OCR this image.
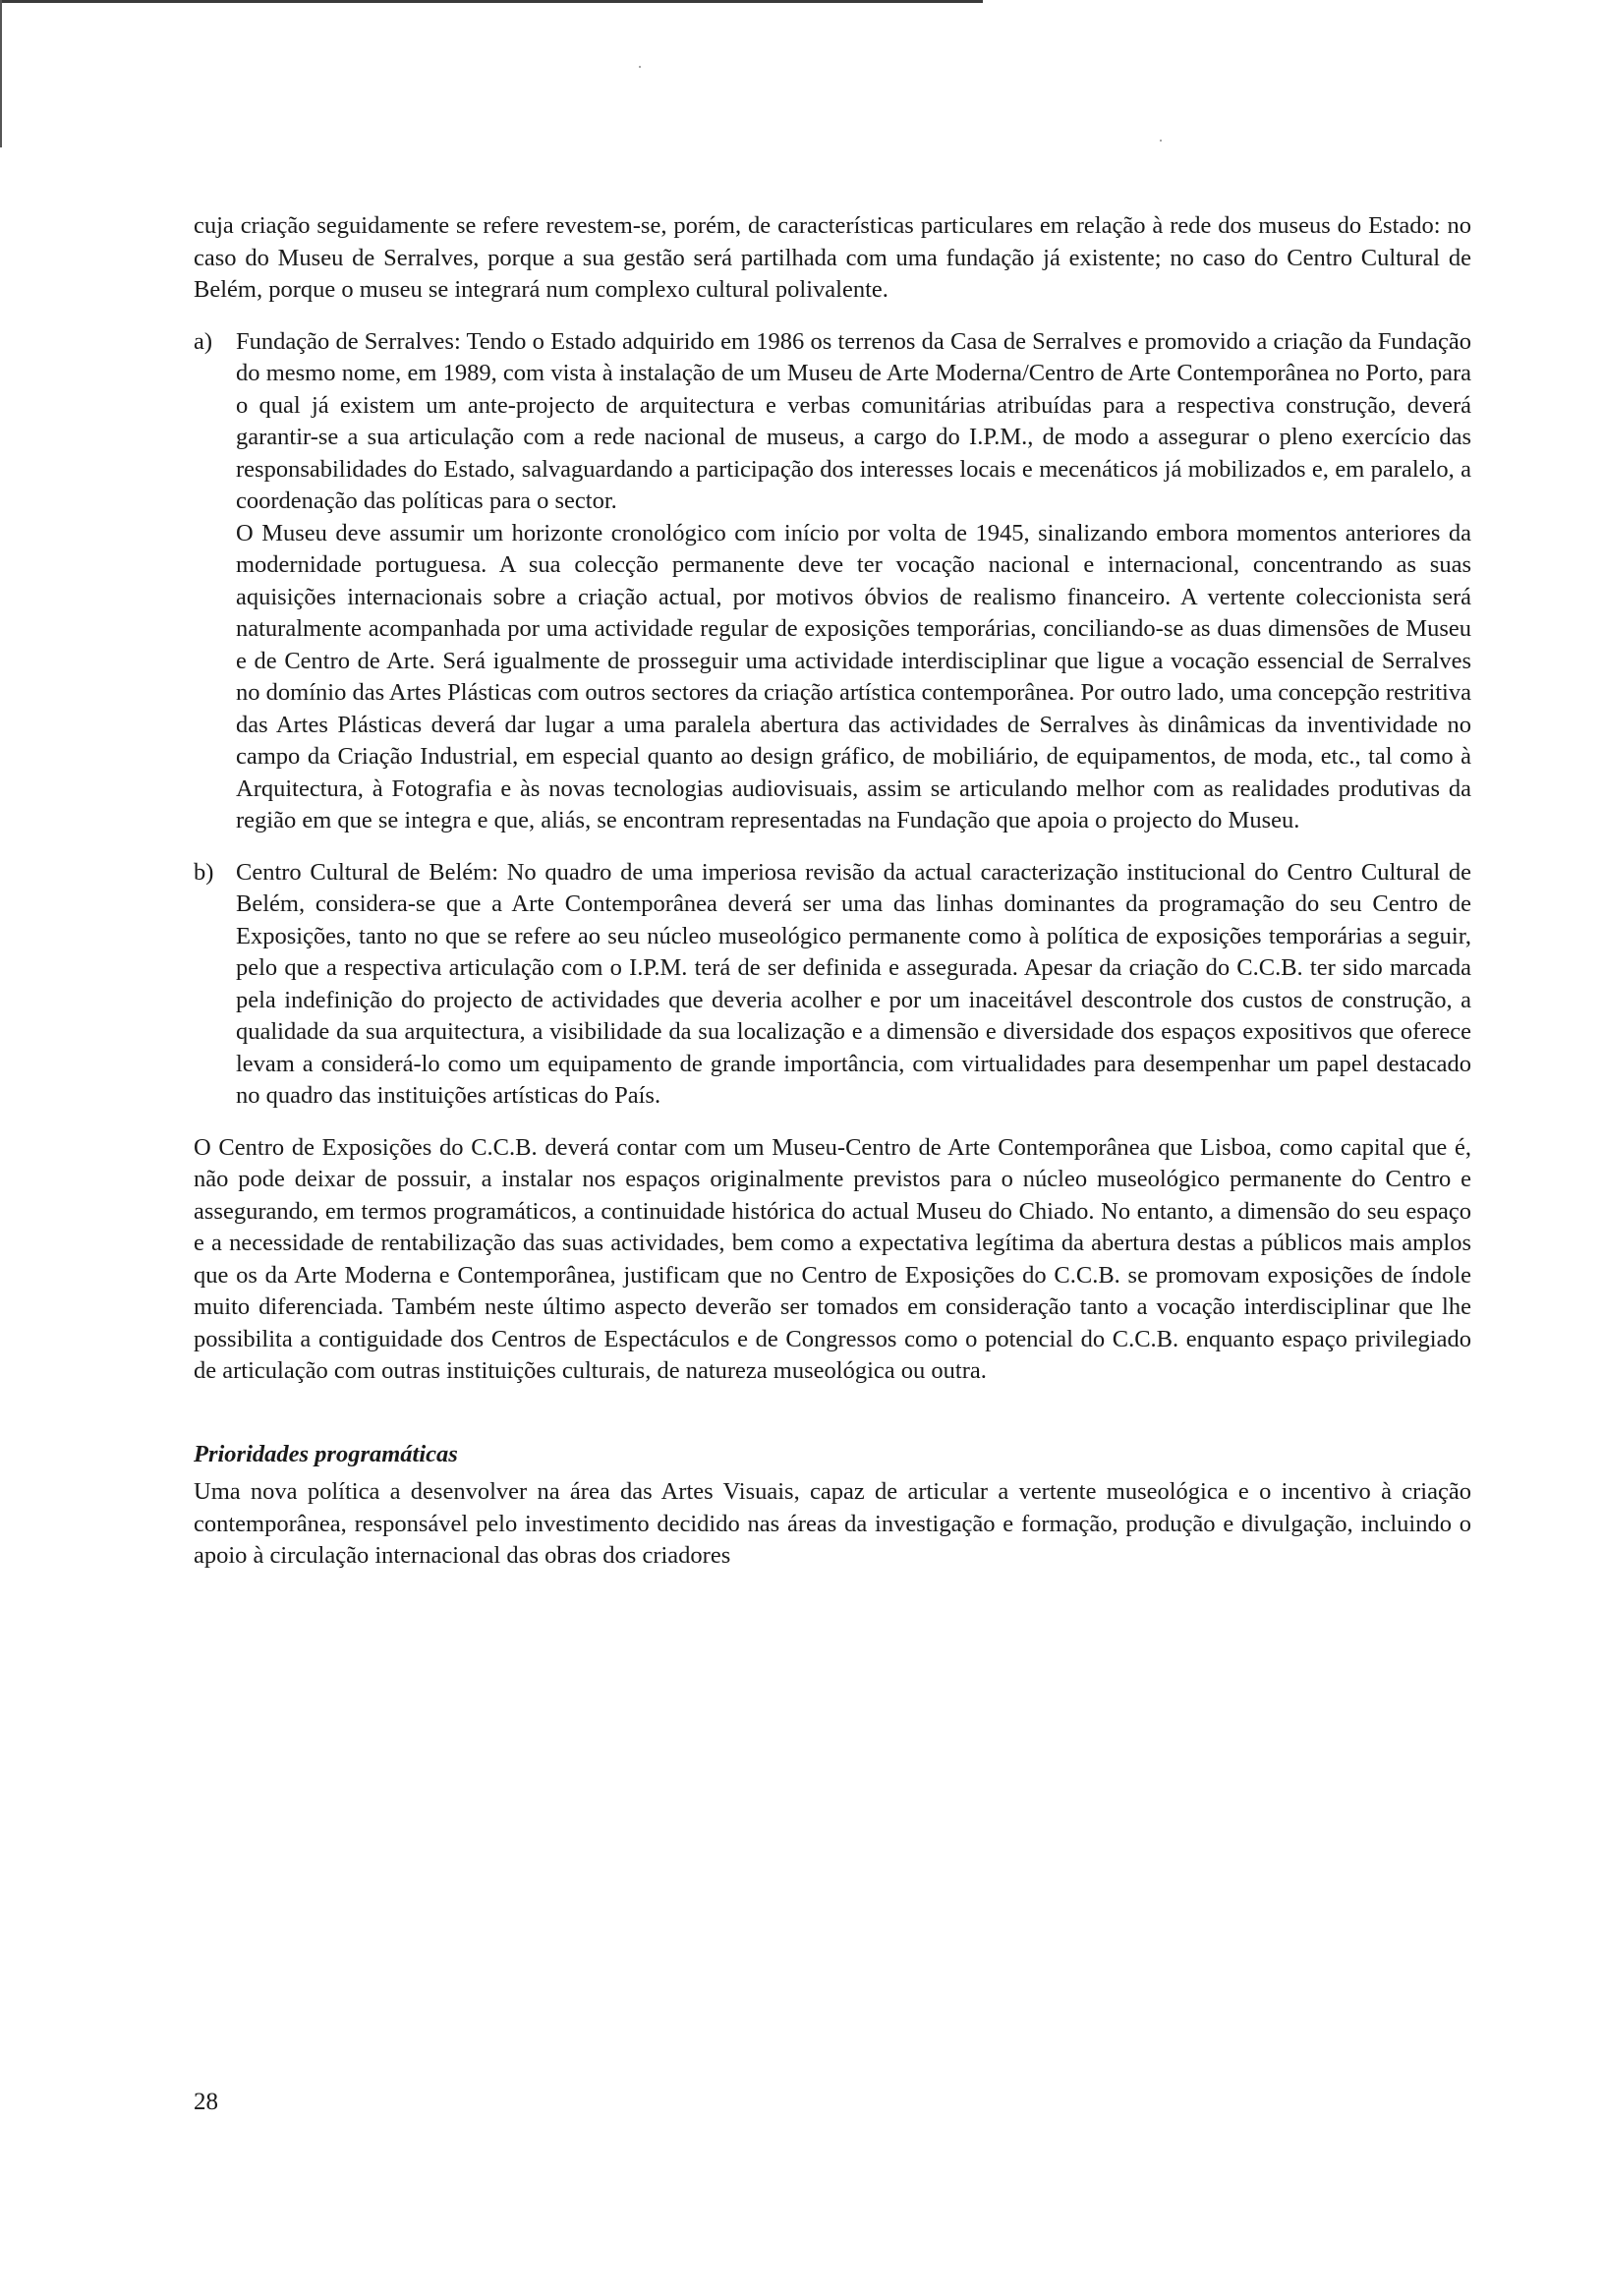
cuja criação seguidamente se refere revestem-se, porém, de características particulares em relação à rede dos museus do Estado: no caso do Museu de Serralves, porque a sua gestão será partilhada com uma fundação já existente; no caso do Centro Cultural de Belém, porque o museu se integrará num complexo cultural polivalente.

a) Fundação de Serralves: Tendo o Estado adquirido em 1986 os terrenos da Casa de Serralves e promovido a criação da Fundação do mesmo nome, em 1989, com vista à instalação de um Museu de Arte Moderna/Centro de Arte Contemporânea no Porto, para o qual já existem um ante-projecto de arquitectura e verbas comunitárias atribuídas para a respectiva construção, deverá garantir-se a sua articulação com a rede nacional de museus, a cargo do I.P.M., de modo a assegurar o pleno exercício das responsabilidades do Estado, salvaguardando a participação dos interesses locais e mecenáticos já mobilizados e, em paralelo, a coordenação das políticas para o sector.

O Museu deve assumir um horizonte cronológico com início por volta de 1945, sinalizando embora momentos anteriores da modernidade portuguesa. A sua colecção permanente deve ter vocação nacional e internacional, concentrando as suas aquisições internacionais sobre a criação actual, por motivos óbvios de realismo financeiro. A vertente coleccionista será naturalmente acompanhada por uma actividade regular de exposições temporárias, conciliando-se as duas dimensões de Museu e de Centro de Arte. Será igualmente de prosseguir uma actividade interdisciplinar que ligue a vocação essencial de Serralves no domínio das Artes Plásticas com outros sectores da criação artística contemporânea. Por outro lado, uma concepção restritiva das Artes Plásticas deverá dar lugar a uma paralela abertura das actividades de Serralves às dinâmicas da inventividade no campo da Criação Industrial, em especial quanto ao design gráfico, de mobiliário, de equipamentos, de moda, etc., tal como à Arquitectura, à Fotografia e às novas tecnologias audiovisuais, assim se articulando melhor com as realidades produtivas da região em que se integra e que, aliás, se encontram representadas na Fundação que apoia o projecto do Museu.

b) Centro Cultural de Belém: No quadro de uma imperiosa revisão da actual caracterização institucional do Centro Cultural de Belém, considera-se que a Arte Contemporânea deverá ser uma das linhas dominantes da programação do seu Centro de Exposições, tanto no que se refere ao seu núcleo museológico permanente como à política de exposições temporárias a seguir, pelo que a respectiva articulação com o I.P.M. terá de ser definida e assegurada. Apesar da criação do C.C.B. ter sido marcada pela indefinição do projecto de actividades que deveria acolher e por um inaceitável descontrole dos custos de construção, a qualidade da sua arquitectura, a visibilidade da sua localização e a dimensão e diversidade dos espaços expositivos que oferece levam a considerá-lo como um equipamento de grande importância, com virtualidades para desempenhar um papel destacado no quadro das instituições artísticas do País.

O Centro de Exposições do C.C.B. deverá contar com um Museu-Centro de Arte Contemporânea que Lisboa, como capital que é, não pode deixar de possuir, a instalar nos espaços originalmente previstos para o núcleo museológico permanente do Centro e assegurando, em termos programáticos, a continuidade histórica do actual Museu do Chiado. No entanto, a dimensão do seu espaço e a necessidade de rentabilização das suas actividades, bem como a expectativa legítima da abertura destas a públicos mais amplos que os da Arte Moderna e Contemporânea, justificam que no Centro de Exposições do C.C.B. se promovam exposições de índole muito diferenciada. Também neste último aspecto deverão ser tomados em consideração tanto a vocação interdisciplinar que lhe possibilita a contiguidade dos Centros de Espectáculos e de Congressos como o potencial do C.C.B. enquanto espaço privilegiado de articulação com outras instituições culturais, de natureza museológica ou outra.

Prioridades programáticas

Uma nova política a desenvolver na área das Artes Visuais, capaz de articular a vertente museológica e o incentivo à criação contemporânea, responsável pelo investimento decidido nas áreas da investigação e formação, produção e divulgação, incluindo o apoio à circulação internacional das obras dos criadores

28
